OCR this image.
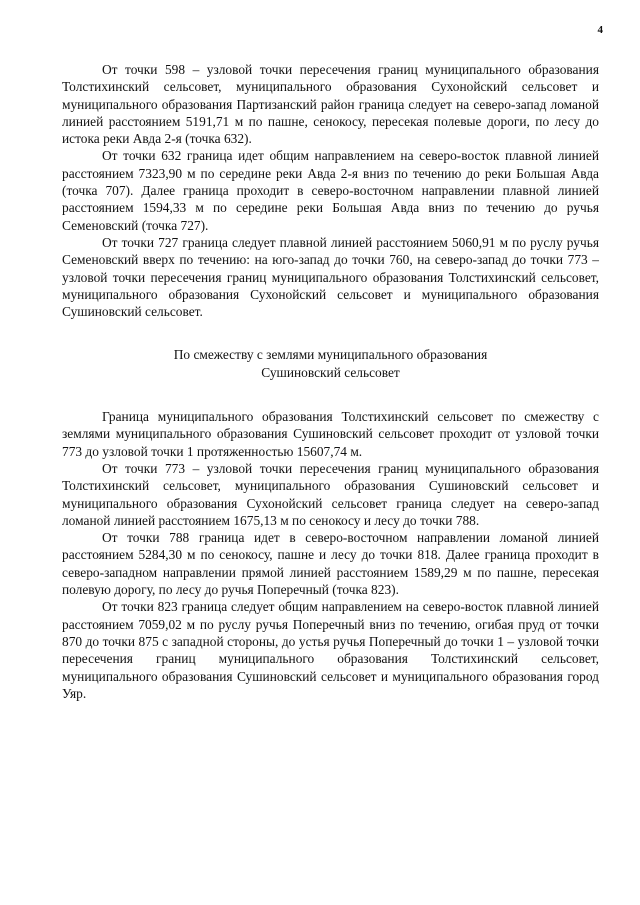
4

От точки 598 – узловой точки пересечения границ муниципального образования Толстихинский сельсовет, муниципального образования Сухонойский сельсовет и муниципального образования Партизанский район граница следует на северо-запад ломаной линией расстоянием 5191,71 м по пашне, сенокосу, пересекая полевые дороги, по лесу до истока реки Авда 2-я (точка 632).

От точки 632 граница идет общим направлением на северо-восток плавной линией расстоянием 7323,90 м по середине реки Авда 2-я вниз по течению до реки Большая Авда (точка 707). Далее граница проходит в северо-восточном направлении плавной линией расстоянием 1594,33 м по середине реки Большая Авда вниз по течению до ручья Семеновский (точка 727).

От точки 727 граница следует плавной линией расстоянием 5060,91 м по руслу ручья Семеновский вверх по течению: на юго-запад до точки 760, на северо-запад до точки 773 – узловой точки пересечения границ муниципального образования Толстихинский сельсовет, муниципального образования Сухонойский сельсовет и муниципального образования Сушиновский сельсовет.

По смежеству с землями муниципального образования
Сушиновский сельсовет

Граница муниципального образования Толстихинский сельсовет по смежеству с землями муниципального образования Сушиновский сельсовет проходит от узловой точки 773 до узловой точки 1 протяженностью 15607,74 м.

От точки 773 – узловой точки пересечения границ муниципального образования Толстихинский сельсовет, муниципального образования Сушиновский сельсовет и муниципального образования Сухонойский сельсовет граница следует на северо-запад ломаной линией расстоянием 1675,13 м по сенокосу и лесу до точки 788.

От точки 788 граница идет в северо-восточном направлении ломаной линией расстоянием 5284,30 м по сенокосу, пашне и лесу до точки 818. Далее граница проходит в северо-западном направлении прямой линией расстоянием 1589,29 м по пашне, пересекая полевую дорогу, по лесу до ручья Поперечный (точка 823).

От точки 823 граница следует общим направлением на северо-восток плавной линией расстоянием 7059,02 м по руслу ручья Поперечный вниз по течению, огибая пруд от точки 870 до точки 875 с западной стороны, до устья ручья Поперечный до точки 1 – узловой точки пересечения границ муниципального образования Толстихинский сельсовет, муниципального образования Сушиновский сельсовет и муниципального образования город Уяр.
